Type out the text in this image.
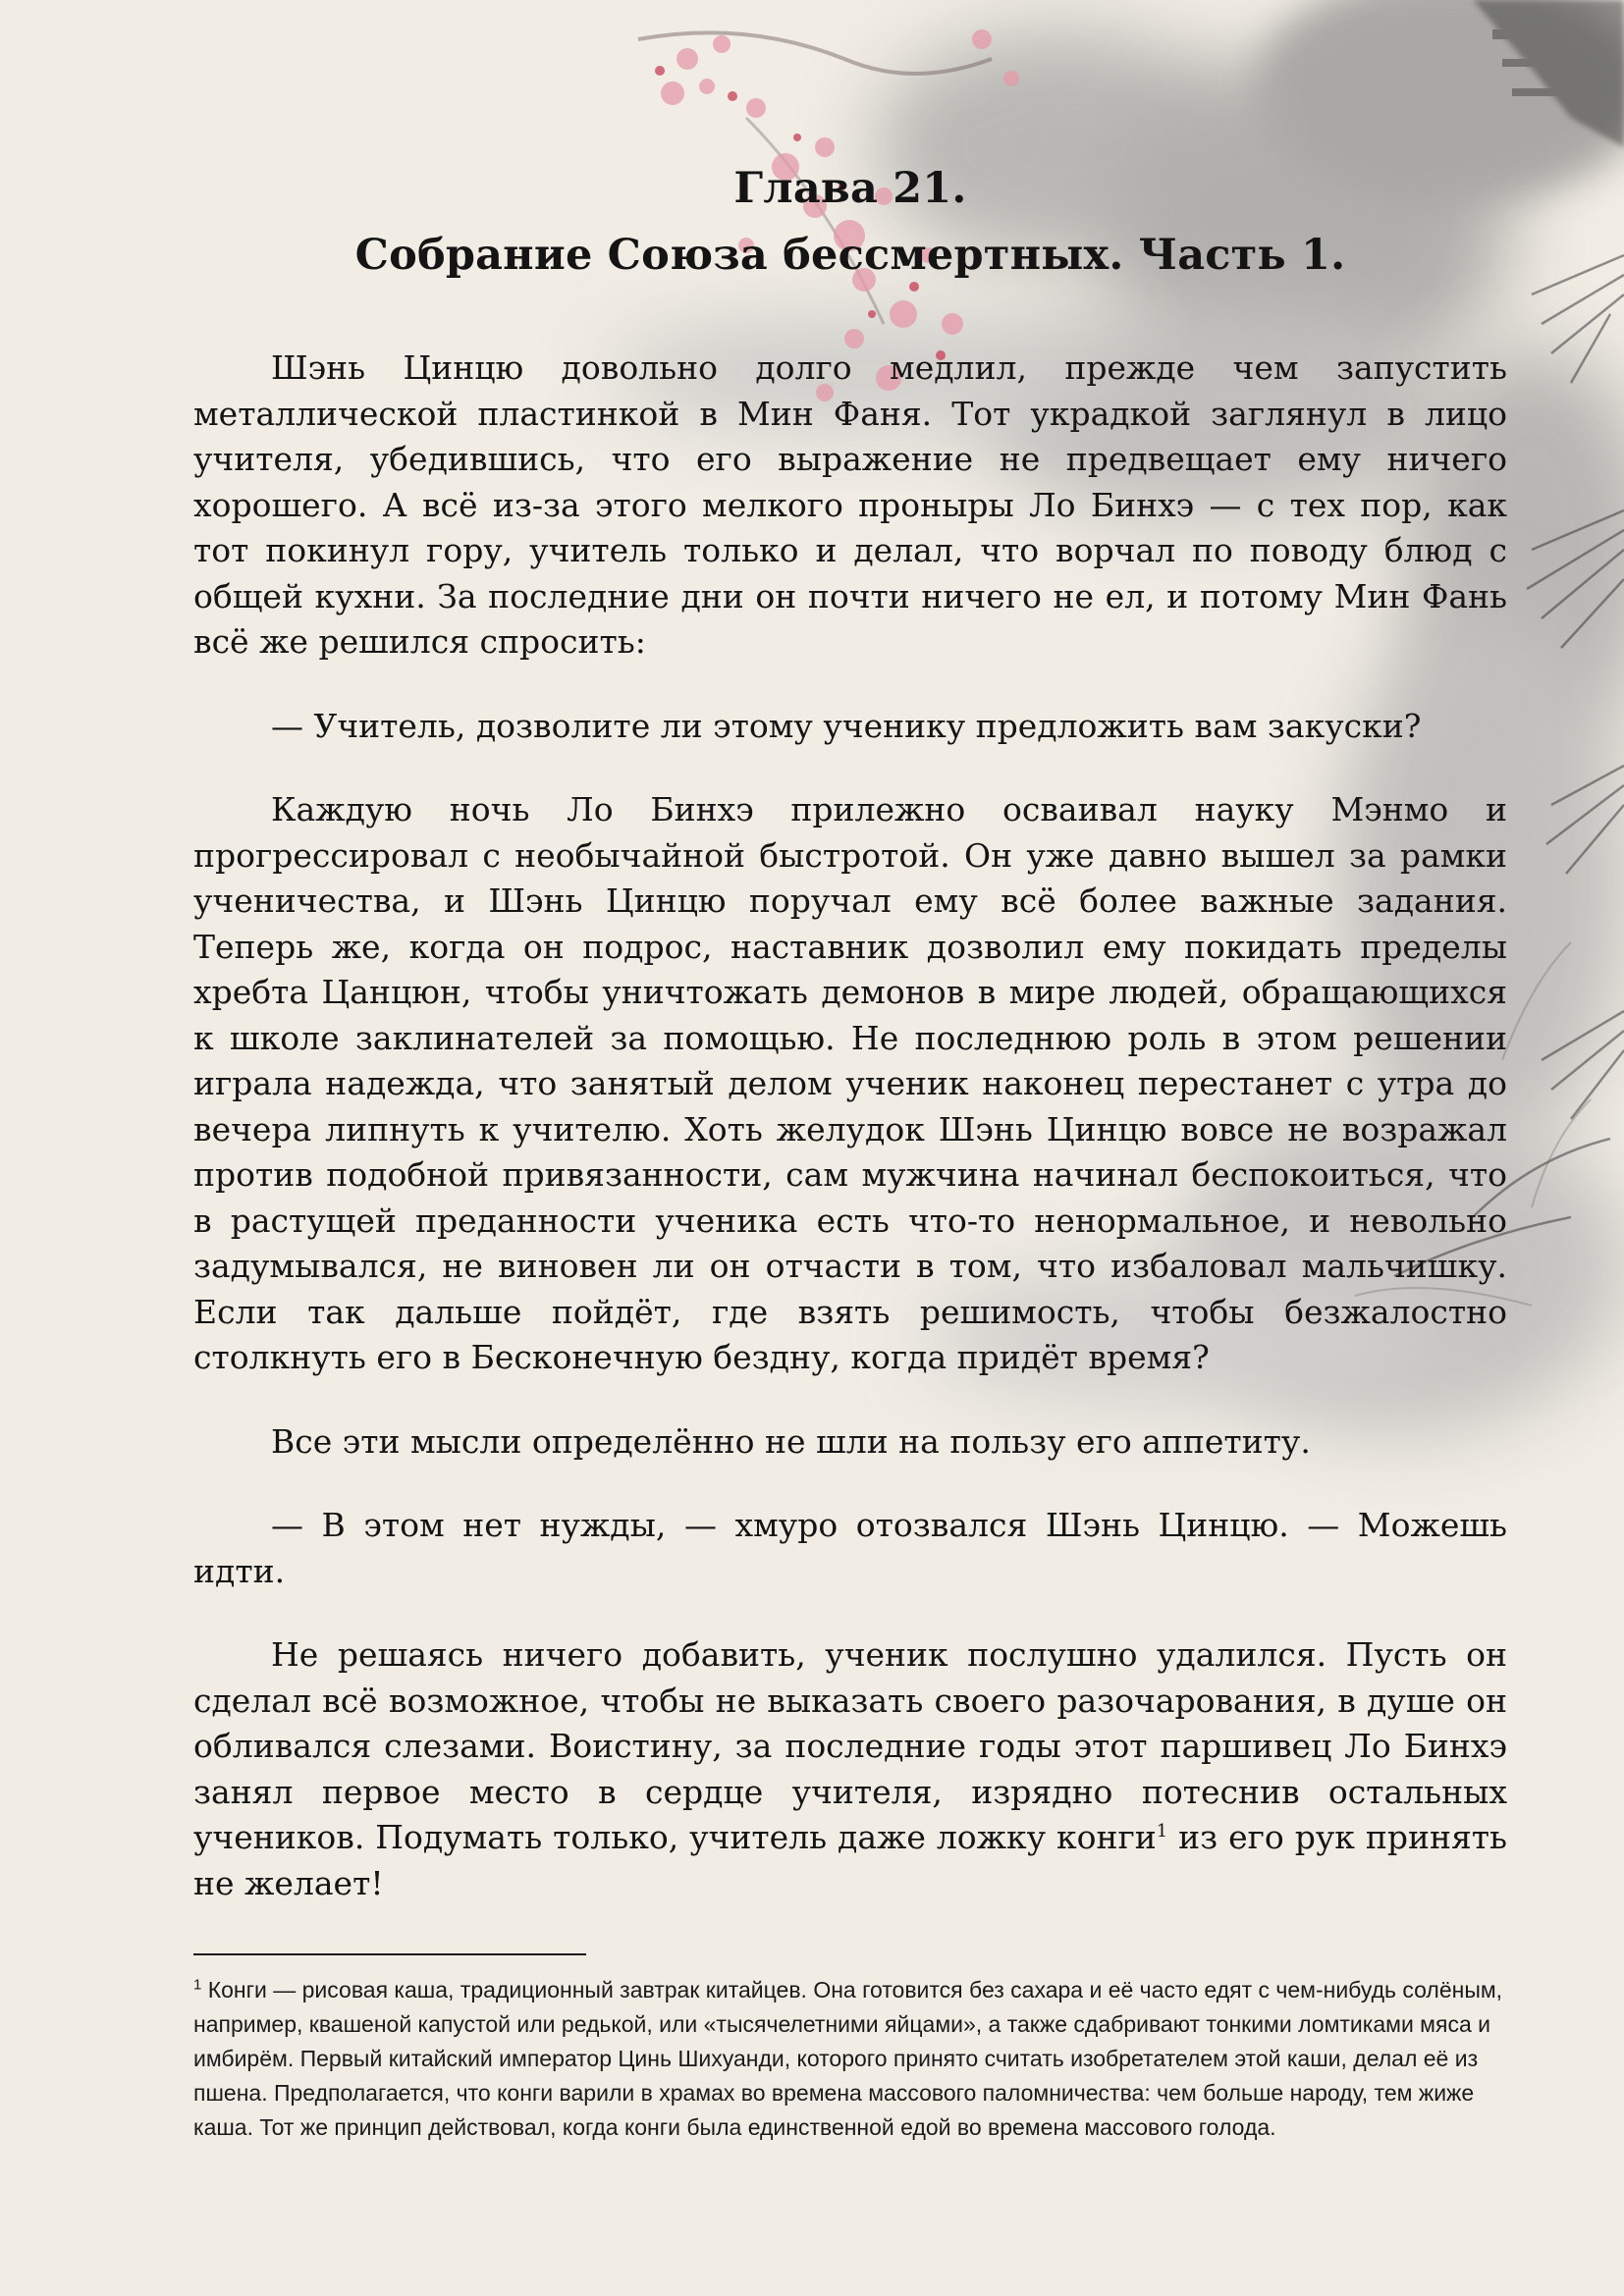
Глава 21.
Собрание Союза бессмертных. Часть 1.

Шэнь Цинцю довольно долго медлил, прежде чем запустить металлической пластинкой в Мин Фаня. Тот украдкой заглянул в лицо учителя, убедившись, что его выражение не предвещает ему ничего хорошего. А всё из-за этого мелкого проныры Ло Бинхэ — с тех пор, как тот покинул гору, учитель только и делал, что ворчал по поводу блюд с общей кухни. За последние дни он почти ничего не ел, и потому Мин Фань всё же решился спросить:

— Учитель, дозволите ли этому ученику предложить вам закуски?

Каждую ночь Ло Бинхэ прилежно осваивал науку Мэнмо и прогрессировал с необычайной быстротой. Он уже давно вышел за рамки ученичества, и Шэнь Цинцю поручал ему всё более важные задания. Теперь же, когда он подрос, наставник дозволил ему покидать пределы хребта Цанцюн, чтобы уничтожать демонов в мире людей, обращающихся к школе заклинателей за помощью. Не последнюю роль в этом решении играла надежда, что занятый делом ученик наконец перестанет с утра до вечера липнуть к учителю. Хоть желудок Шэнь Цинцю вовсе не возражал против подобной привязанности, сам мужчина начинал беспокоиться, что в растущей преданности ученика есть что-то ненормальное, и невольно задумывался, не виновен ли он отчасти в том, что избаловал мальчишку. Если так дальше пойдёт, где взять решимость, чтобы безжалостно столкнуть его в Бесконечную бездну, когда придёт время?

Все эти мысли определённо не шли на пользу его аппетиту.

— В этом нет нужды, — хмуро отозвался Шэнь Цинцю. — Можешь идти.

Не решаясь ничего добавить, ученик послушно удалился. Пусть он сделал всё возможное, чтобы не выказать своего разочарования, в душе он обливался слезами. Воистину, за последние годы этот паршивец Ло Бинхэ занял первое место в сердце учителя, изрядно потеснив остальных учеников. Подумать только, учитель даже ложку конги$^1$ из его рук принять не желает!

$^1$ Конги — рисовая каша, традиционный завтрак китайцев. Она готовится без сахара и её часто едят с чем-нибудь солёным, например, квашеной капустой или редькой, или «тысячелетними яйцами», а также сдабривают тонкими ломтиками мяса и имбирём. Первый китайский император Цинь Шихуанди, которого принято считать изобретателем этой каши, делал её из пшена. Предполагается, что конги варили в храмах во времена массового паломничества: чем больше народу, тем жиже каша. Тот же принцип действовал, когда конги была единственной едой во времена массового голода.
